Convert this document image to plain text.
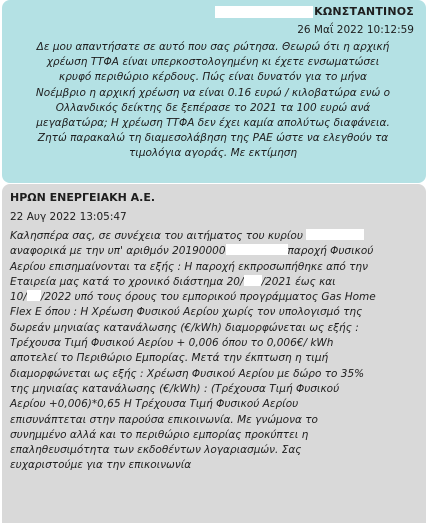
ΚΩΝΣΤΑΝΤΙΝΟΣ
26 Μαΐ 2022 10:12:59
Δε μου απαντήσατε σε αυτό που σας ρώτησα. Θεωρώ ότι η αρχική
χρέωση ΤΤΦΑ είναι υπερκοστολογημένη κι έχετε ενσωματώσει
κρυφό περιθώριο κέρδους. Πώς είναι δυνατόν για το μήνα
Νοέμβριο η αρχική χρέωση να είναι 0.16 ευρώ / κιλοβατώρα ενώ ο
Ολλανδικός δείκτης δε ξεπέρασε το 2021 τα 100 ευρώ ανά
μεγαβατώρα; Η χρέωση ΤΤΦΑ δεν έχει καμία απολύτως διαφάνεια.
Ζητώ παρακαλώ τη διαμεσολάβηση της ΡΑΕ ώστε να ελεγθούν τα
τιμολόγια αγοράς. Με εκτίμηση
ΗΡΩΝ ΕΝΕΡΓΕΙΑΚΗ Α.Ε.
22 Αυγ 2022 13:05:47
Καλησπέρα σας, σε συνέχεια του αιτήματος του κυρίου
αναφορικά με την υπ' αριθμόν 20190000	παροχή Φυσικού
Αερίου επισημαίνονται τα εξής : Η παροχή εκπροσωπήθηκε από την
Εταιρεία μας κατά το χρονικό διάστημα 20/ /2021 έως και
10/ /2022 υπό τους όρους του εμπορικού προγράμματος Gas Home
Flex E όπου : Η Χρέωση Φυσικού Αερίου χωρίς τον υπολογισμό της
δωρεάν μηνιαίας κατανάλωσης (€/kWh) διαμορφώνεται ως εξής :
Τρέχουσα Τιμή Φυσικού Αερίου + 0,006 όπου το 0,006€/ kWh
αποτελεί το Περιθώριο Εμπορίας. Μετά την έκπτωση η τιμή
διαμορφώνεται ως εξής : Χρέωση Φυσικού Αερίου με δώρο το 35%
της μηνιαίας κατανάλωσης (€/kWh) : (Τρέχουσα Τιμή Φυσικού
Αερίου +0,006)*0,65 Η Τρέχουσα Τιμή Φυσικού Αερίου
επισυνάπτεται στην παρούσα επικοινωνία. Με γνώμονα το
συνημμένο αλλά και το περιθώριο εμπορίας προκύπτει η
επαληθευσιμότητα των εκδοθέντων λογαριασμών. Σας
ευχαριστούμε για την επικοινωνία
